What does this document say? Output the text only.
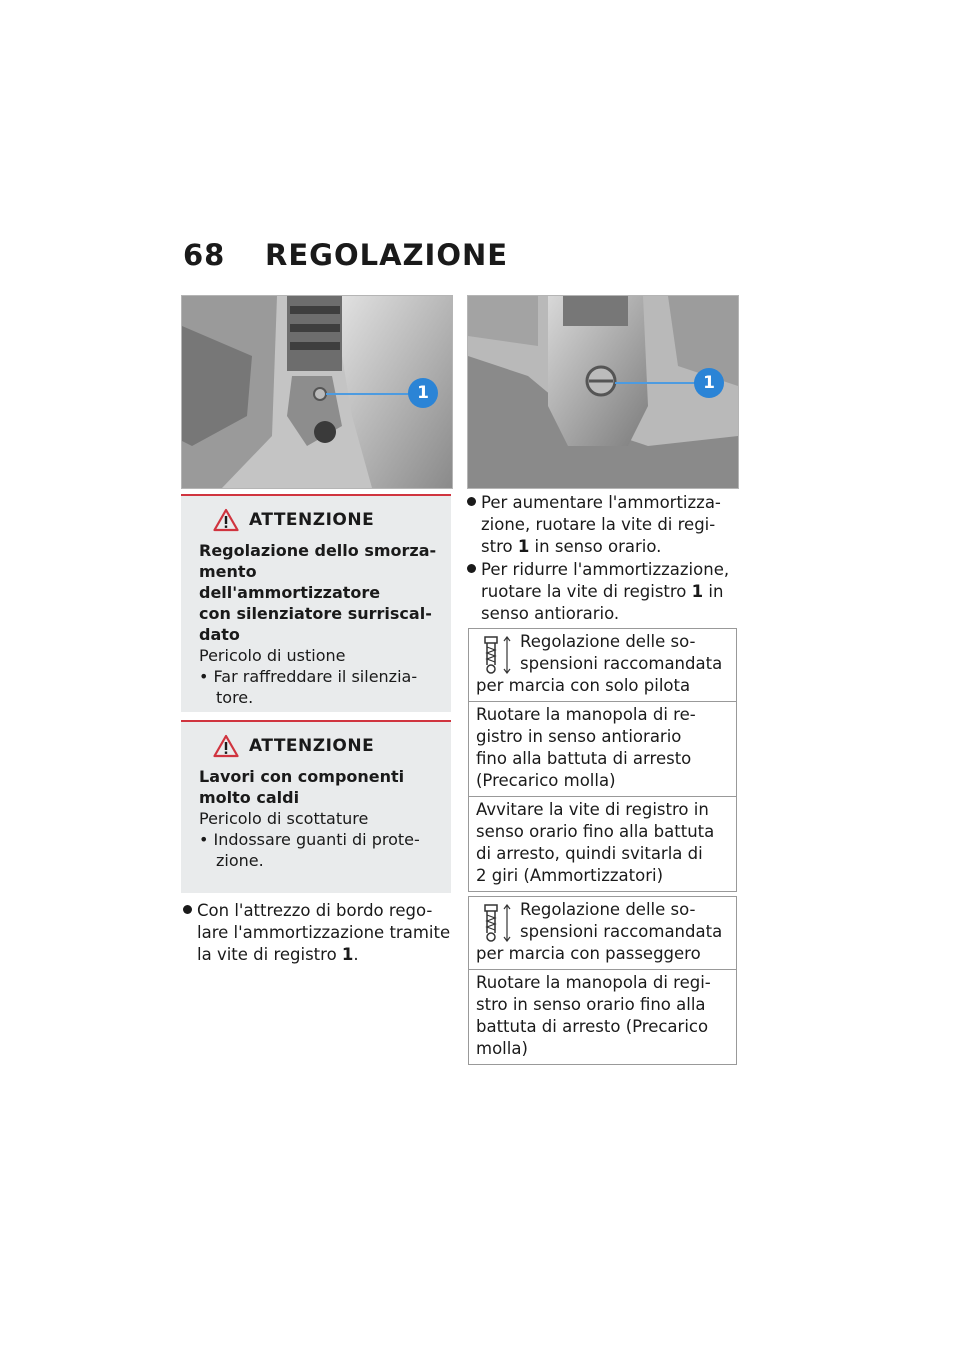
68 REGOLAZIONE
1	1
ATTENZIONE
Regolazione dello smorza-
mento dell'ammortizzatore
con silenziatore surriscal-
dato
Pericolo di ustione
• Far raffreddare il silenzia-
tore.
ATTENZIONE
Lavori con componenti
molto caldi
Pericolo di scottature
• Indossare guanti di prote-
zione.
Con l'attrezzo di bordo rego-
lare l'ammortizzazione tramite
la vite di registro 1.
Per aumentare l'ammortizza-
zione, ruotare la vite di regi-
stro 1 in senso orario.
Per ridurre l'ammortizzazione,
ruotare la vite di registro 1 in
senso antiorario.
Regolazione delle so-
spensioni raccomandata
per marcia con solo pilota
Ruotare la manopola di re-
gistro in senso antiorario
fino alla battuta di arresto
(Precarico molla)
Avvitare la vite di registro in
senso orario fino alla battuta
di arresto, quindi svitarla di
2 giri (Ammortizzatori)
Regolazione delle so-
spensioni raccomandata
per marcia con passeggero
Ruotare la manopola di regi-
stro in senso orario fino alla
battuta di arresto (Precarico
molla)
